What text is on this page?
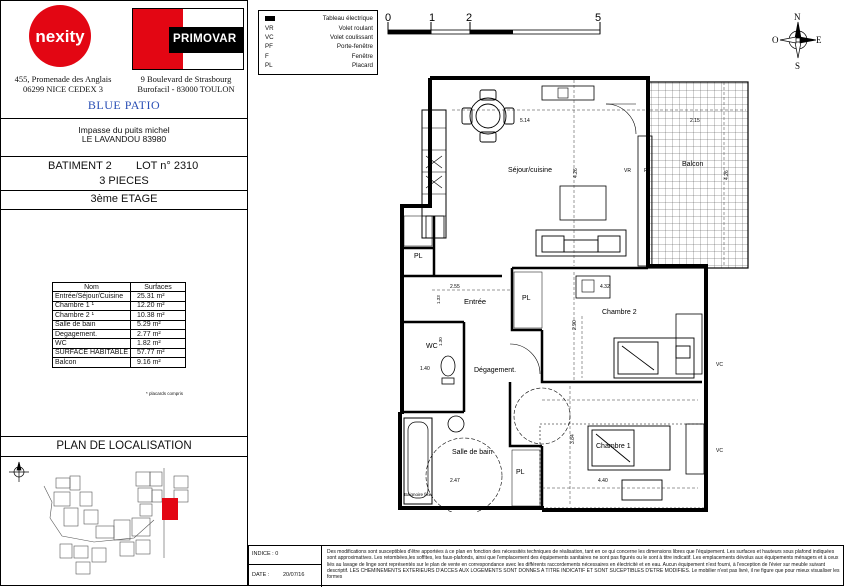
nexity	PRIMOVAR
455, Promenade des Anglais
06299 NICE CEDEX 3
9 Boulevard de Strasbourg
Burofacil - 83000 TOULON
BLUE PATIO
Impasse du puits michel
LE LAVANDOU 83980
BATIMENT 2 LOT n° 2310
3 PIECES
3ème ETAGE
Nom	Surfaces
Entrée/Séjour/Cuisine	25.31 m²
Chambre 1 ¹	12.20 m²
Chambre 2 ¹	10.38 m²
Salle de bain	5.29 m²
Degagement.	2.77 m²
WC	1.82 m²
SURFACE HABITABLE	57.77 m²
Balcon	9.16 m²
* placards compris
PLAN DE LOCALISATION
Tableau électrique
VR	Volet roulant
VC	Volet coulissant
PF	Porte-fenêtre
F	Fenêtre
PL	Placard
0	1	2	5	N
S
E
O
Séjour/cuisine
Balcon
Entrée
Chambre 2
Chambre 1
Dégagement.
WC
Salle de bain
PL
PL
PL
VR	PF
VC
VC
Baignoire fixe
5.14	2.15
4.26	4.26
2.55	4.32
2.90
3.84
4.40
1.40
2.47
1.33
1.30
INDICE : 0
DATE : 20/07/16
Des modifications sont susceptibles d'être apportées à ce plan en fonction des nécessités techniques de réalisation, tant en ce qui concerne les dimensions libres que l'équipement. Les surfaces et hauteurs sous plafond indiquées sont approximatives. Les retombées,les soffites, les faux-plafonds, ainsi que l'emplacement des équipements sanitaires ne sont pas figurés ou le sont à titre indicatif. Les emplacements dévolus aux équipements ménagers et à ceux liés au lavage de linge sont représentés sur le plan de vente en correspondance avec les différents raccordements nécessaires en électricité et en eau. Aucun équipement n'est fourni, à l'exception de l'évier sur meuble suivant descriptif. LES CHEMINEMENTS EXTERIEURS D'ACCES AUX LOGEMENTS SONT DONNES A TITRE INDICATIF ET SONT SUCEPTIBLES D'ETRE MODIFIES. Le mobilier n'est pas livré, il ne figure que pour mieux visualiser les formes
